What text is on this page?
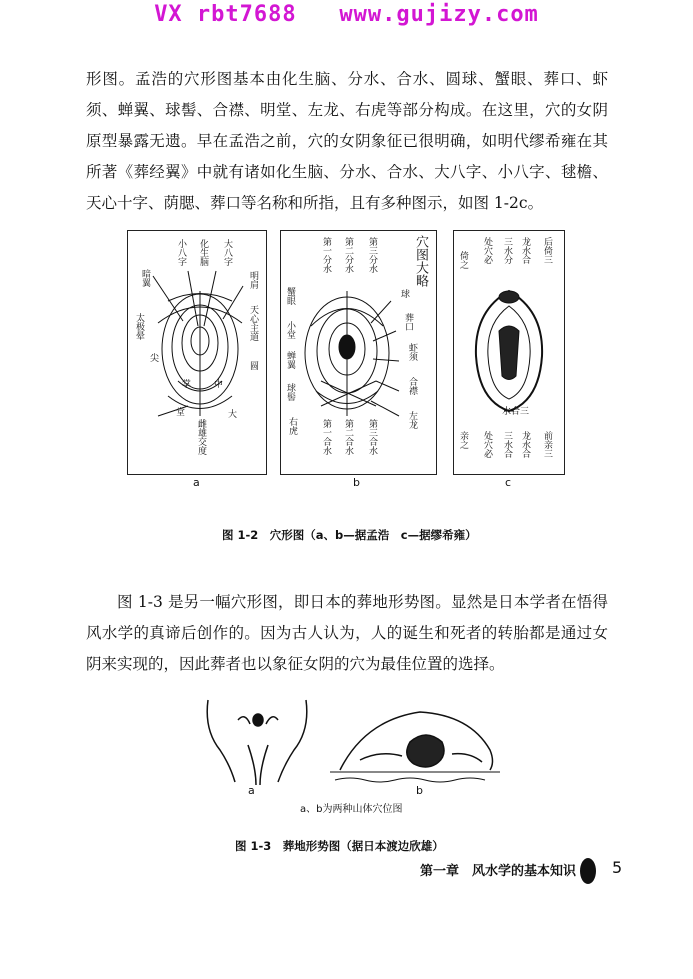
VX rbt7688   www.gujizy.com

形图。孟浩的穴形图基本由化生脑、分水、合水、圆球、蟹眼、葬口、虾须、蝉翼、球髻、合襟、明堂、左龙、右虎等部分构成。在这里，穴的女阴原型暴露无遗。早在孟浩之前，穴的女阴象征已很明确，如明代缪希雍在其所著《葬经翼》中就有诸如化生脑、分水、合水、大八字、小八字、毬檐、天心十字、荫腮、葬口等名称和所指，且有多种图示，如图 1-2c。

小八字 化生脑 大八字
暗翼	明肩
天心主道
太极晕
尖
圆
掌 中
堂	大
雌雄交度
第一分水 第二分水 第三分水	穴图大略
蟹眼	球
小堂	葬口
蝉翼	虾须
球髻	合襟
右虎	左龙
第一合水 第二合水 第三合水
倚之 处穴必 三水分 龙水合 后倚三
水合三
亲之 处穴必 三水合 龙水合 前亲三
a	b	c
图 1-2　穴形图（a、b—据孟浩　c—据缪希雍）

图 1-3 是另一幅穴形图，即日本的葬地形势图。显然是日本学者在悟得风水学的真谛后创作的。因为古人认为，人的诞生和死者的转胎都是通过女阴来实现的，因此葬者也以象征女阴的穴为最佳位置的选择。

a	b
a、b为两种山体穴位图
图 1-3　葬地形势图（据日本渡边欣雄）
第一章　风水学的基本知识 5
